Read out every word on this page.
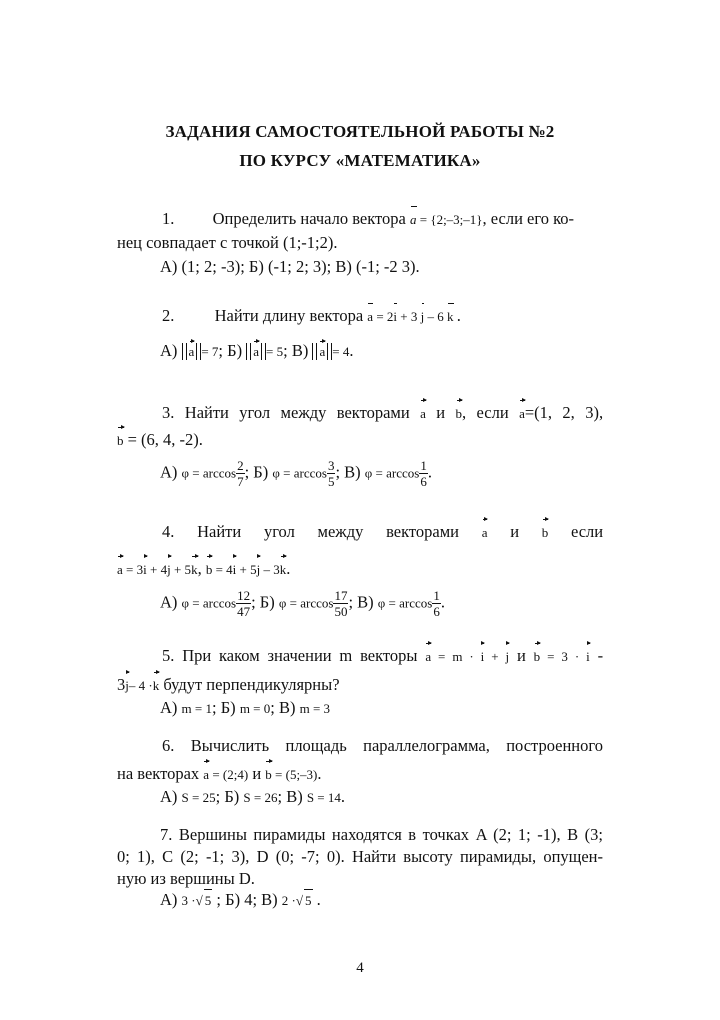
ЗАДАНИЯ САМОСТОЯТЕЛЬНОЙ РАБОТЫ №2
ПО КУРСУ «МАТЕМАТИКА»
1. Определить начало вектора a = {2;–3;–1}, если его ко-
нец совпадает с точкой (1;-1;2).
А) (1; 2; -3); Б) (-1; 2; 3); В) (-1; -2 3).
2. Найти длину вектора a = 2i + 3 j – 6 k .
А) a = 7; Б) a = 5; В) a = 4.
3. Найти угол между векторами a и b, если a=(1, 2, 3),
b = (6, 4, -2).
А) $\varphi = \arccos \frac{2}{7}$ ; Б) $\varphi = \arccos \frac{3}{5}$ ; В) $\varphi = \arccos \frac{1}{6}$ .
4. Найти угол между векторами a и b если
a = 3i + 4j + 5k, b = 4i + 5j – 3k.
А) $\varphi = \arccos \frac{12}{47}$ ; Б) $\varphi = \arccos \frac{17}{50}$ ; В) $\varphi = \arccos \frac{1}{6}$ .
5. При каком значении m векторы a = m · i + j и b = 3 · i -
3j– 4 ·k будут перпендикулярны?
А) m = 1; Б) m = 0; В) m = 3
6. Вычислить площадь параллелограмма, построенного
на векторах a = (2;4) и b = (5;–3).
А) S = 25; Б) S = 26; В) S = 14.
7. Вершины пирамиды находятся в точках A (2; 1; -1), B (3;
0; 1), C (2; -1; 3), D (0; -7; 0). Найти высоту пирамиды, опущен-
ную из вершины D.
А) 3 ·√ 5 ; Б) 4; В) 2 ·√ 5 .
4
